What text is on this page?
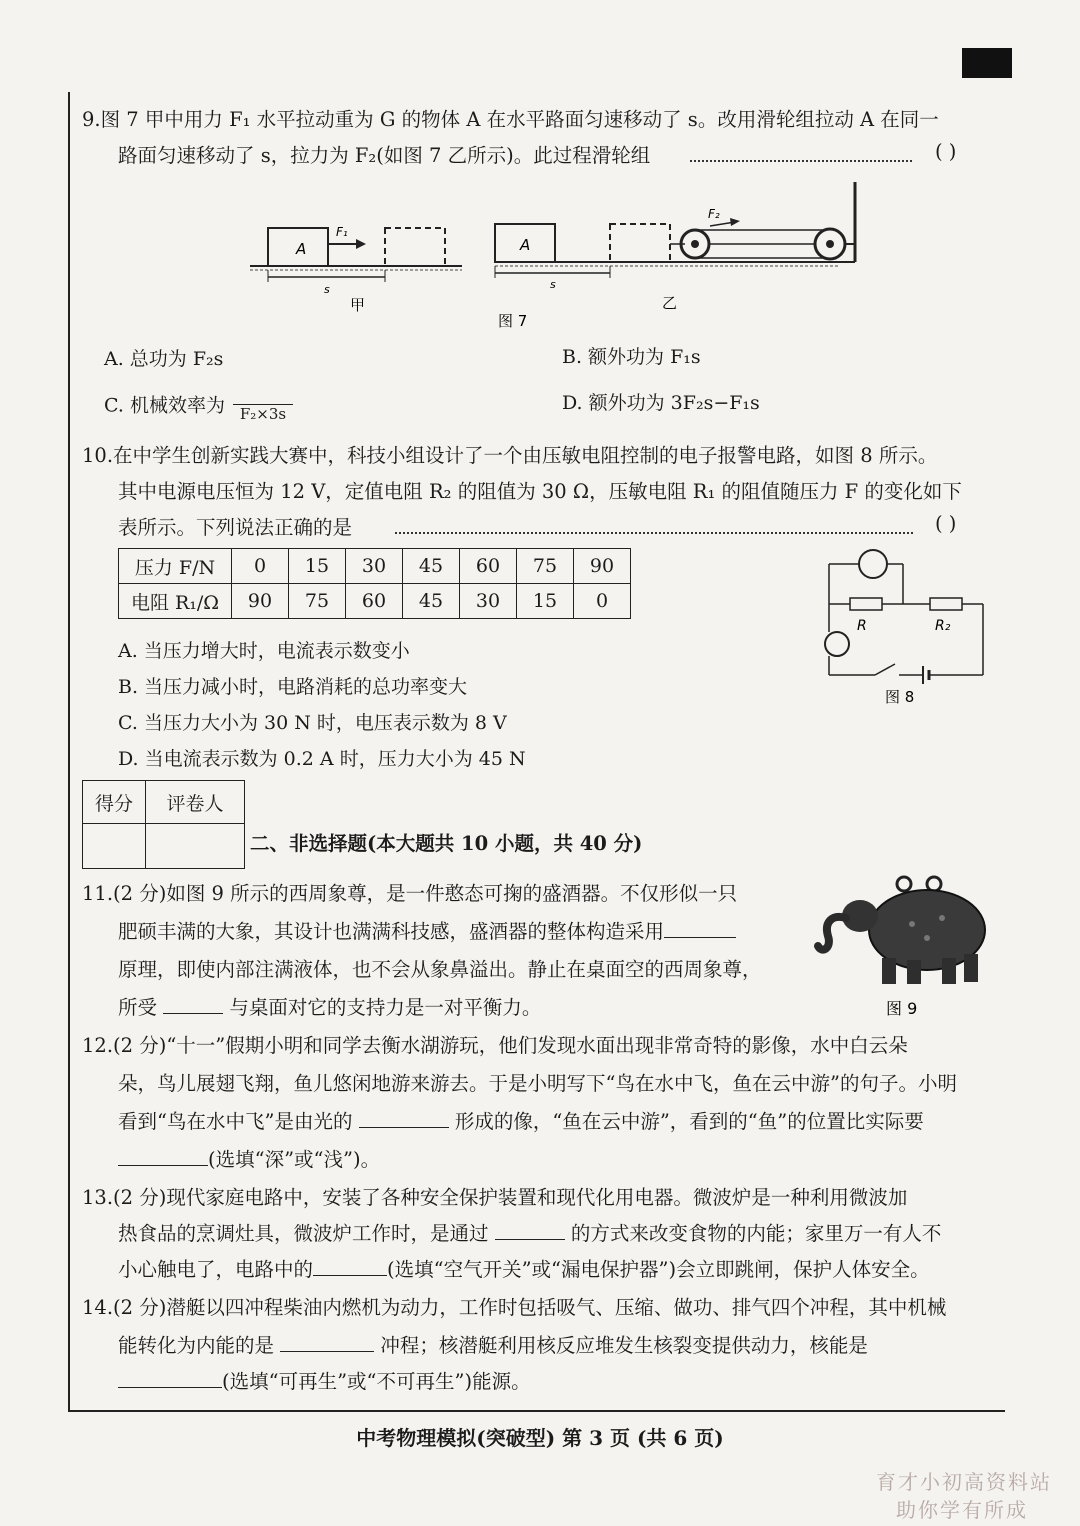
9.图 7 甲中用力 F₁ 水平拉动重为 G 的物体 A 在水平路面匀速移动了 s。改用滑轮组拉动 A 在同一
路面匀速移动了 s，拉力为 F₂(如图 7 乙所示)。此过程滑轮组	( )
A
F₁
s
甲
A
F₂
s
乙
图 7
A. 总功为 F₂s	B. 额外功为 F₁s
C. 机械效率为 F₂×3s	D. 额外功为 3F₂s−F₁s
10.在中学生创新实践大赛中，科技小组设计了一个由压敏电阻控制的电子报警电路，如图 8 所示。
其中电源电压恒为 12 V，定值电阻 R₂ 的阻值为 30 Ω，压敏电阻 R₁ 的阻值随压力 F 的变化如下
表所示。下列说法正确的是	( )
压力 F/N	0	15	30	45	60	75	90
电阻 R₁/Ω	90	75	60	45	30	15	0
R	R₂
图 8
A. 当压力增大时，电流表示数变小
B. 当压力减小时，电路消耗的总功率变大
C. 当压力大小为 30 N 时，电压表示数为 8 V
D. 当电流表示数为 0.2 A 时，压力大小为 45 N
得分	评卷人

二、非选择题(本大题共 10 小题，共 40 分)
11.(2 分)如图 9 所示的西周象尊，是一件憨态可掬的盛酒器。不仅形似一只
肥硕丰满的大象，其设计也满满科技感，盛酒器的整体构造采用
原理，即使内部注满液体，也不会从象鼻溢出。静止在桌面空的西周象尊，
所受	与桌面对它的支持力是一对平衡力。	图 9
12.(2 分)“十一”假期小明和同学去衡水湖游玩，他们发现水面出现非常奇特的影像，水中白云朵
朵，鸟儿展翅飞翔，鱼儿悠闲地游来游去。于是小明写下“鸟在水中飞，鱼在云中游”的句子。小明
看到“鸟在水中飞”是由光的	形成的像，“鱼在云中游”，看到的“鱼”的位置比实际要
(选填“深”或“浅”)。
13.(2 分)现代家庭电路中，安装了各种安全保护装置和现代化用电器。微波炉是一种利用微波加
热食品的烹调灶具，微波炉工作时，是通过	的方式来改变食物的内能；家里万一有人不
小心触电了，电路中的	(选填“空气开关”或“漏电保护器”)会立即跳闸，保护人体安全。
14.(2 分)潜艇以四冲程柴油内燃机为动力，工作时包括吸气、压缩、做功、排气四个冲程，其中机械
能转化为内能的是	冲程；核潜艇利用核反应堆发生核裂变提供动力，核能是
(选填“可再生”或“不可再生”)能源。
中考物理模拟(突破型) 第 3 页 (共 6 页)
育才小初高资料站
助你学有所成
